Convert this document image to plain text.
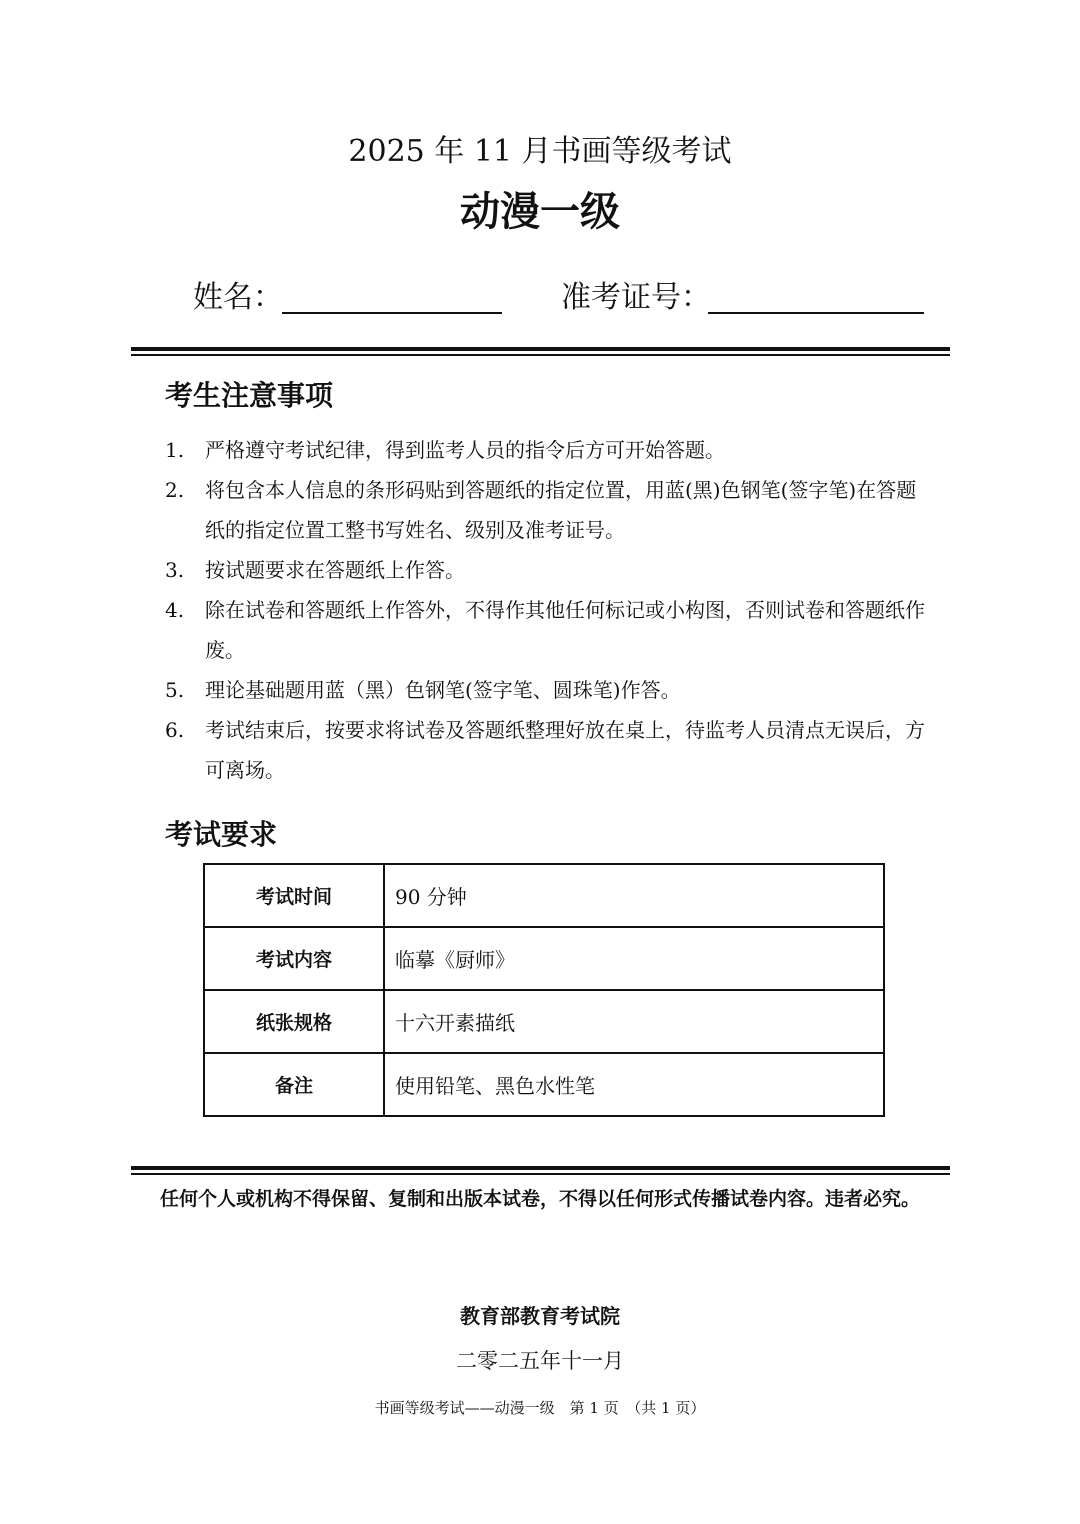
2025 年 11 月书画等级考试
动漫一级
姓名：	准考证号：
考生注意事项
1.	严格遵守考试纪律，得到监考人员的指令后方可开始答题。
2.	将包含本人信息的条形码贴到答题纸的指定位置，用蓝(黑)色钢笔(签字笔)在答题纸的指定位置工整书写姓名、级别及准考证号。
3.	按试题要求在答题纸上作答。
4.	除在试卷和答题纸上作答外，不得作其他任何标记或小构图，否则试卷和答题纸作废。
5.	理论基础题用蓝（黑）色钢笔(签字笔、圆珠笔)作答。
6.	考试结束后，按要求将试卷及答题纸整理好放在桌上，待监考人员清点无误后，方可离场。
考试要求
考试时间	90 分钟
考试内容	临摹《厨师》
纸张规格	十六开素描纸
备注	使用铅笔、黑色水性笔
任何个人或机构不得保留、复制和出版本试卷，不得以任何形式传播试卷内容。违者必究。
教育部教育考试院
二零二五年十一月
书画等级考试——动漫一级　第 1 页　（共 1 页）
